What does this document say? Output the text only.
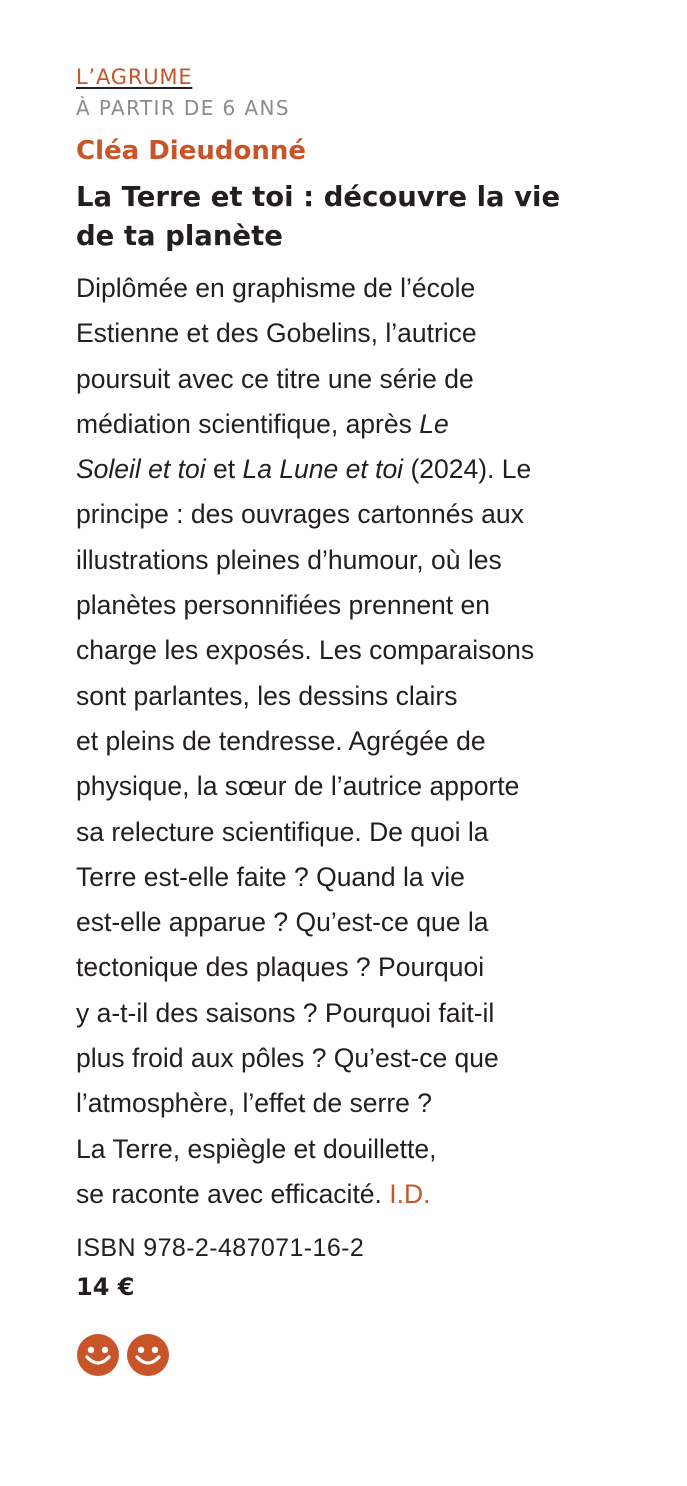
L’AGRUME
À PARTIR DE 6 ANS
Cléa Dieudonné
La Terre et toi : découvre la vie
de ta planète
Diplômée en graphisme de l’école
Estienne et des Gobelins, l’autrice
poursuit avec ce titre une série de
médiation scientifique, après Le
Soleil et toi et La Lune et toi (2024). Le
principe : des ouvrages cartonnés aux
illustrations pleines d’humour, où les
planètes personnifiées prennent en
charge les exposés. Les comparaisons
sont parlantes, les dessins clairs
et pleins de tendresse. Agrégée de
physique, la sœur de l’autrice apporte
sa relecture scientifique. De quoi la
Terre est-elle faite ? Quand la vie
est-elle apparue ? Qu’est-ce que la
tectonique des plaques ? Pourquoi
y a-t-il des saisons ? Pourquoi fait-il
plus froid aux pôles ? Qu’est-ce que
l’atmosphère, l’effet de serre ?
La Terre, espiègle et douillette,
se raconte avec efficacité. I.D.
ISBN 978-2-487071-16-2
14 €
